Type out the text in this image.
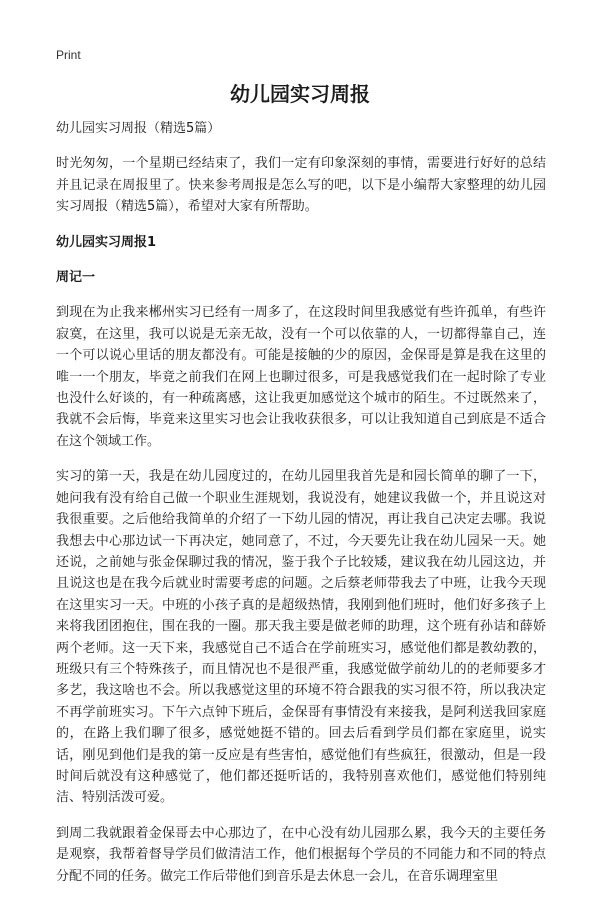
Print
幼儿园实习周报

幼儿园实习周报（精选5篇）

时光匆匆，一个星期已经结束了，我们一定有印象深刻的事情，需要进行好好的总结并且记录在周报里了。快来参考周报是怎么写的吧，以下是小编帮大家整理的幼儿园实习周报（精选5篇），希望对大家有所帮助。

幼儿园实习周报1

周记一

到现在为止我来郴州实习已经有一周多了，在这段时间里我感觉有些许孤单，有些许寂寞，在这里，我可以说是无亲无故，没有一个可以依靠的人，一切都得靠自己，连一个可以说心里话的朋友都没有。可能是接触的少的原因，金保哥是算是我在这里的唯一一个朋友，毕竟之前我们在网上也聊过很多，可是我感觉我们在一起时除了专业也没什么好谈的，有一种疏离感，这让我更加感觉这个城市的陌生。不过既然来了，我就不会后悔，毕竟来这里实习也会让我收获很多，可以让我知道自己到底是不适合在这个领域工作。

实习的第一天，我是在幼儿园度过的，在幼儿园里我首先是和园长简单的聊了一下，她问我有没有给自己做一个职业生涯规划，我说没有，她建议我做一个，并且说这对我很重要。之后他给我简单的介绍了一下幼儿园的情况，再让我自己决定去哪。我说我想去中心那边试一下再决定，她同意了，不过，今天要先让我在幼儿园呆一天。她还说，之前她与张金保聊过我的情况，鉴于我个子比较矮，建议我在幼儿园这边，并且说这也是在我今后就业时需要考虑的问题。之后蔡老师带我去了中班，让我今天现在这里实习一天。中班的小孩子真的是超级热情，我刚到他们班时，他们好多孩子上来将我团团抱住，围在我的一圈。那天我主要是做老师的助理，这个班有孙诘和薛娇两个老师。这一天下来，我感觉自己不适合在学前班实习，感觉他们都是教幼教的，班级只有三个特殊孩子，而且情况也不是很严重，我感觉做学前幼儿的的老师要多才多艺，我这啥也不会。所以我感觉这里的环境不符合跟我的实习很不符，所以我决定不再学前班实习。下午六点钟下班后，金保哥有事情没有来接我，是阿利送我回家庭的，在路上我们聊了很多，感觉她挺不错的。回去后看到学员们都在家庭里，说实话，刚见到他们是我的第一反应是有些害怕，感觉他们有些疯狂，很激动，但是一段时间后就没有这种感觉了，他们都还挺听话的，我特别喜欢他们，感觉他们特别纯洁、特别活泼可爱。

到周二我就跟着金保哥去中心那边了，在中心没有幼儿园那么累，我今天的主要任务是观察，我帮着督导学员们做清洁工作，他们根据每个学员的不同能力和不同的特点分配不同的任务。做完工作后带他们到音乐是去休息一会儿，在音乐调理室里
